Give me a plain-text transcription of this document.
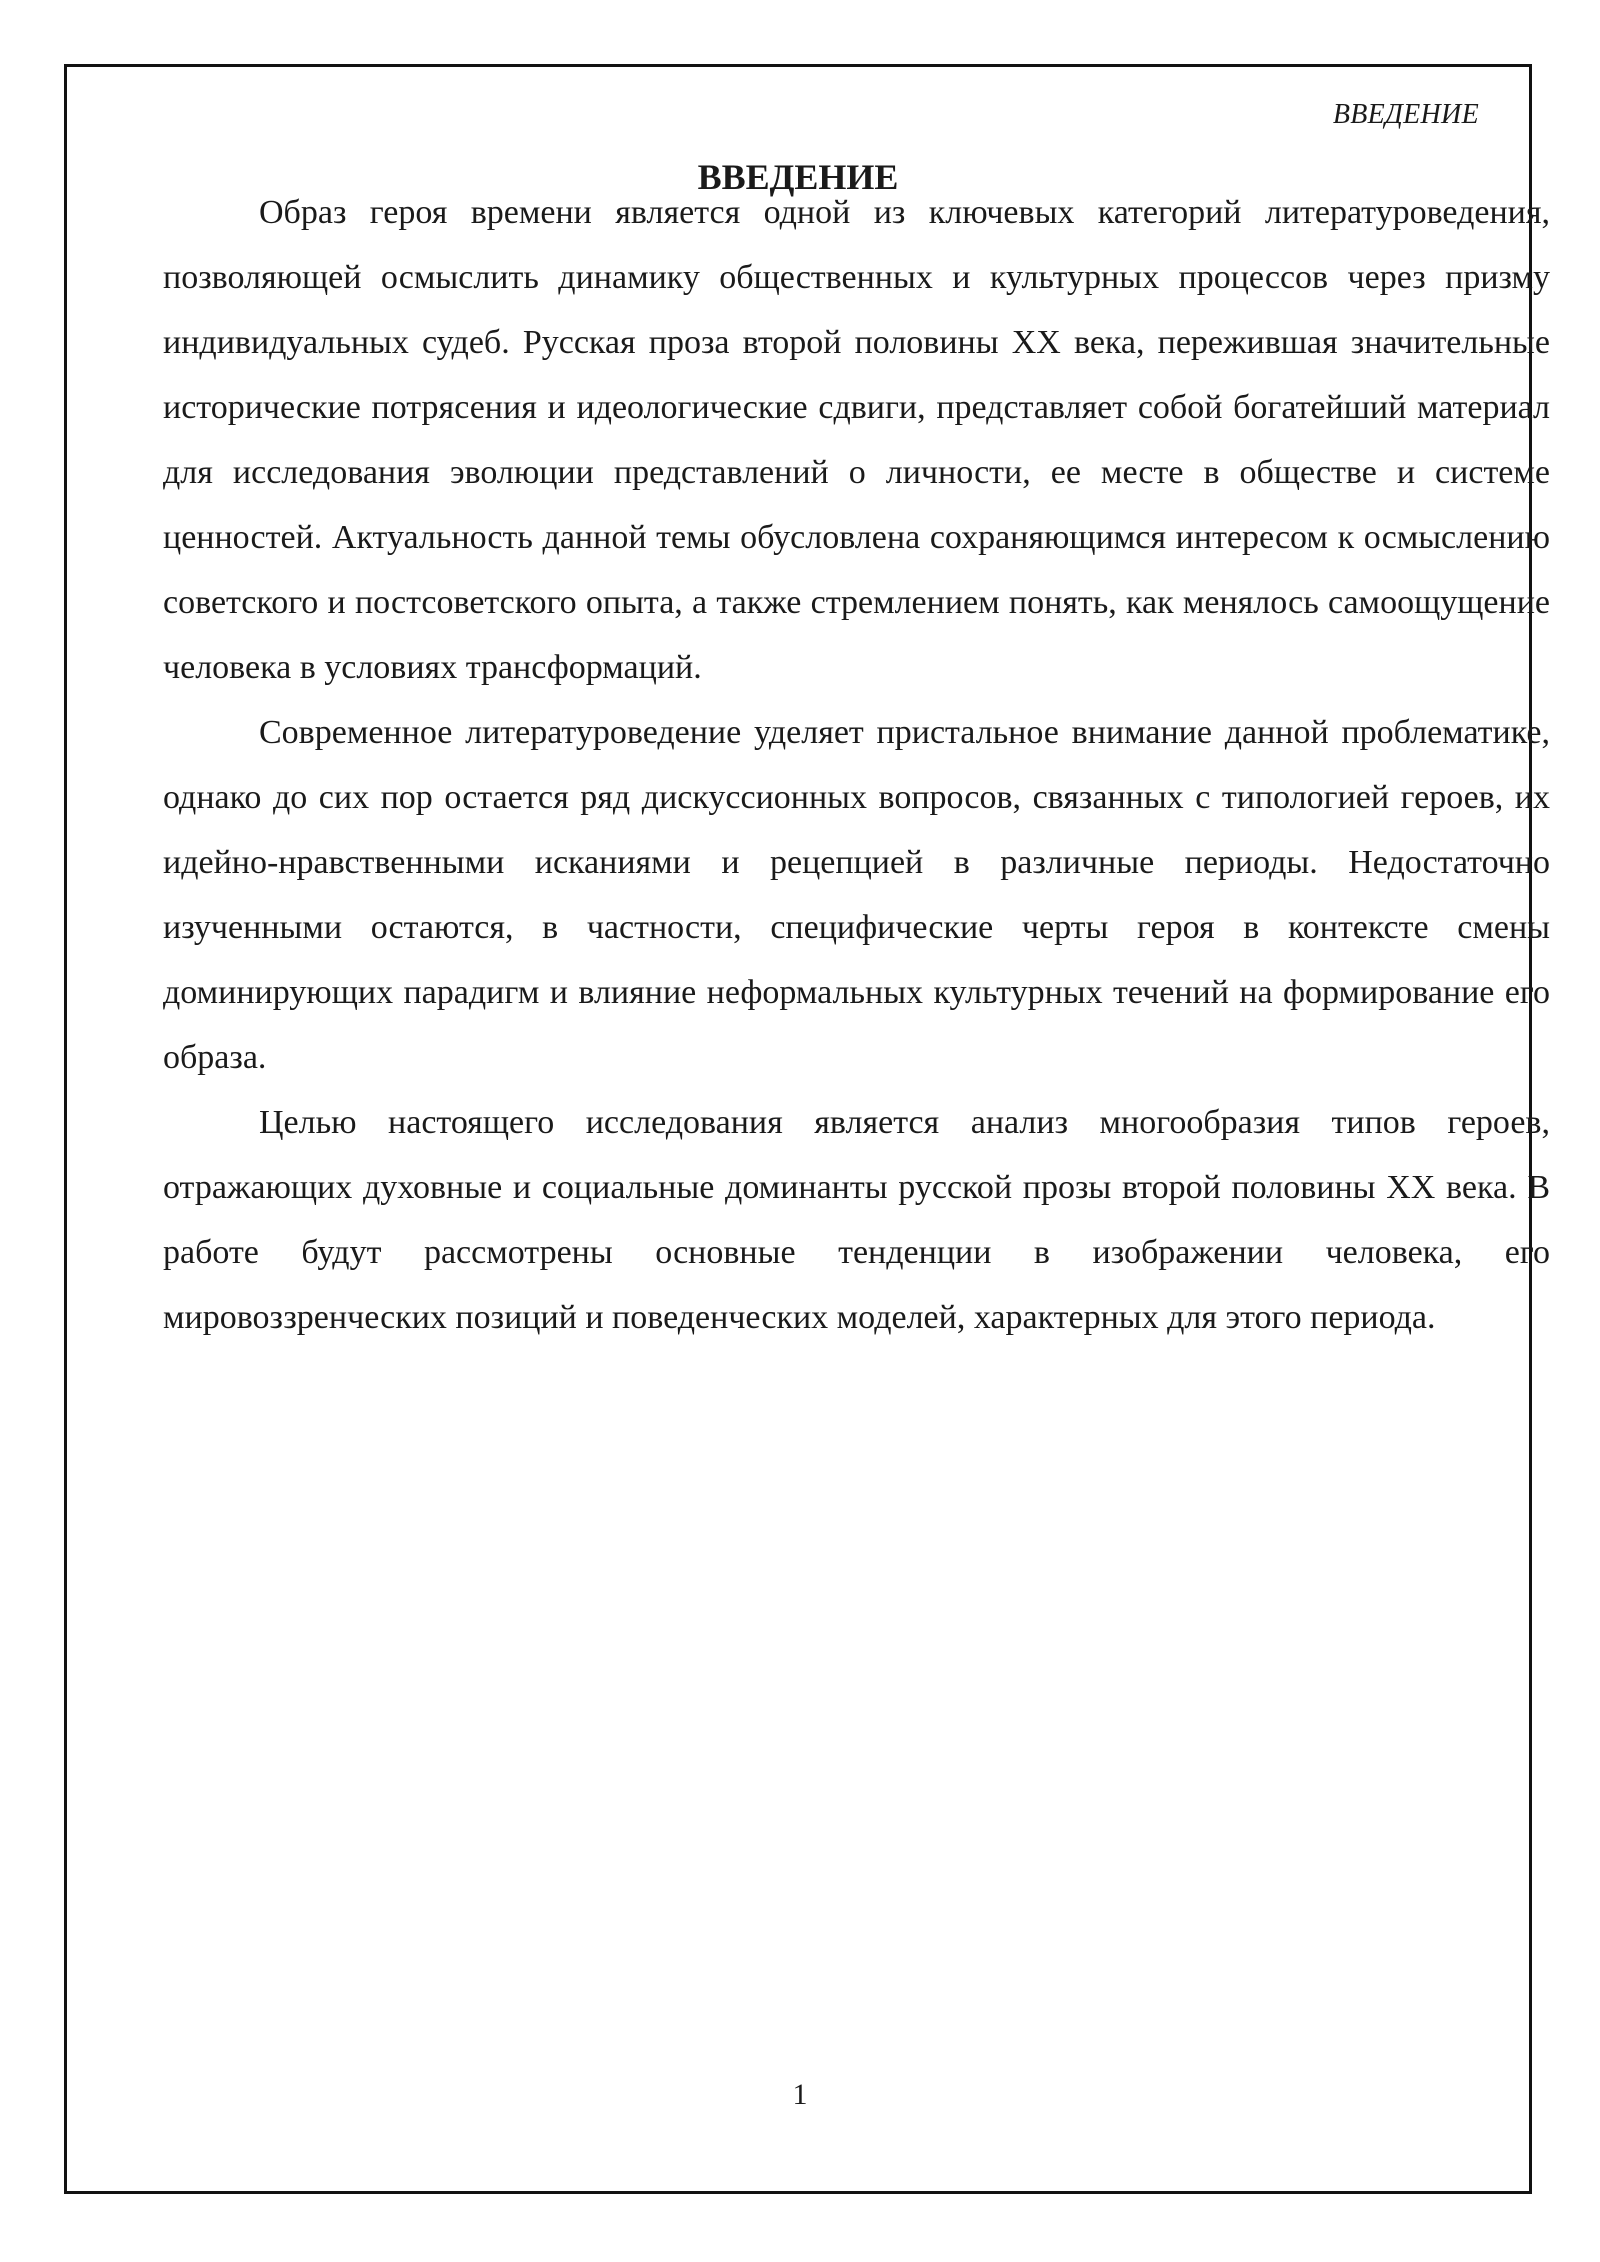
ВВЕДЕНИЕ
ВВЕДЕНИЕ

Образ героя времени является одной из ключевых категорий литературоведения, позволяющей осмыслить динамику общественных и культурных процессов через призму индивидуальных судеб. Русская проза второй половины XX века, пережившая значительные исторические потрясения и идеологические сдвиги, представляет собой богатейший материал для исследования эволюции представлений о личности, ее месте в обществе и системе ценностей. Актуальность данной темы обусловлена сохраняющимся интересом к осмыслению советского и постсоветского опыта, а также стремлением понять, как менялось самоощущение человека в условиях трансформаций.

Современное литературоведение уделяет пристальное внимание данной проблематике, однако до сих пор остается ряд дискуссионных вопросов, связанных с типологией героев, их идейно-нравственными исканиями и рецепцией в различные периоды. Недостаточно изученными остаются, в частности, специфические черты героя в контексте смены доминирующих парадигм и влияние неформальных культурных течений на формирование его образа.

Целью настоящего исследования является анализ многообразия типов героев, отражающих духовные и социальные доминанты русской прозы второй половины XX века. В работе будут рассмотрены основные тенденции в изображении человека, его мировоззренческих позиций и поведенческих моделей, характерных для этого периода.

1
